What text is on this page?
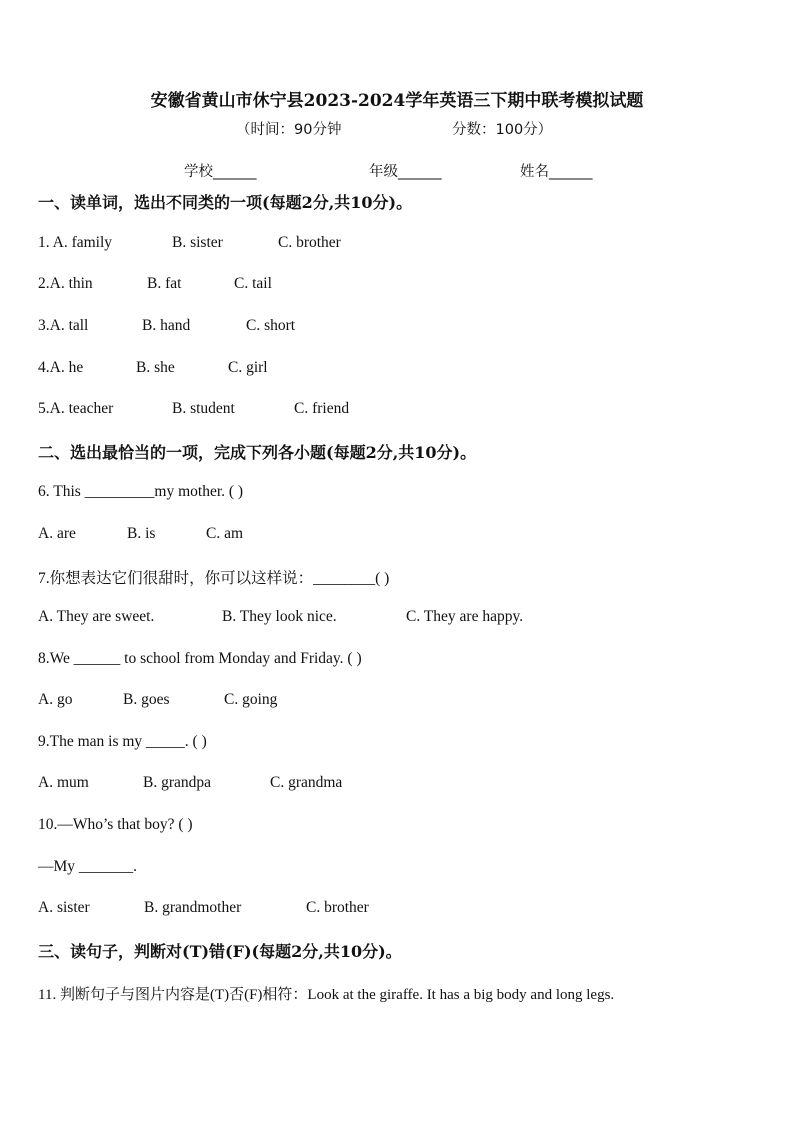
安徽省黄山市休宁县2023-2024学年英语三下期中联考模拟试题
（时间：90分钟	分数：100分）
学校______	年级______	姓名______
一、读单词，选出不同类的一项(每题2分,共10分)。
1. A. family	B. sister	C. brother
2.A. thin	B. fat	C. tail
3.A. tall	B. hand	C. short
4.A. he	B. she	C. girl
5.A. teacher	B. student	C. friend
二、选出最恰当的一项，完成下列各小题(每题2分,共10分)。
6. This _________my mother. ( )
A. are	B. is	C. am
7.你想表达它们很甜时，你可以这样说：________( )
A. They are sweet.	B. They look nice.	C. They are happy.
8.We ______ to school from Monday and Friday. ( )
A. go	B. goes	C. going
9.The man is my _____. ( )
A. mum	B. grandpa	C. grandma
10.—Who’s that boy? ( )
—My _______.
A. sister	B. grandmother	C. brother
三、读句子，判断对(T)错(F)(每题2分,共10分)。
11. 判断句子与图片内容是(T)否(F)相符：Look at the giraffe. It has a big body and long legs.
